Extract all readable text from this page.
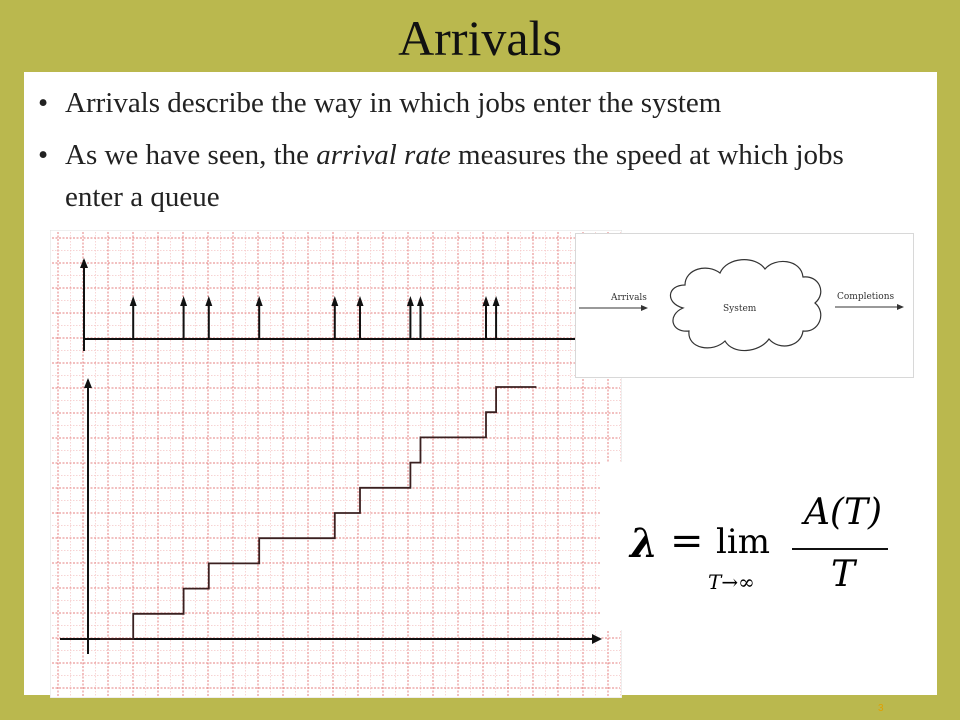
Arrivals
• Arrivals describe the way in which jobs enter the system
• As we have seen, the arrival rate measures the speed at which jobs enter a queue
Arrivals
System
Completions
λ = lim
T→∞
A(T)
T
3
